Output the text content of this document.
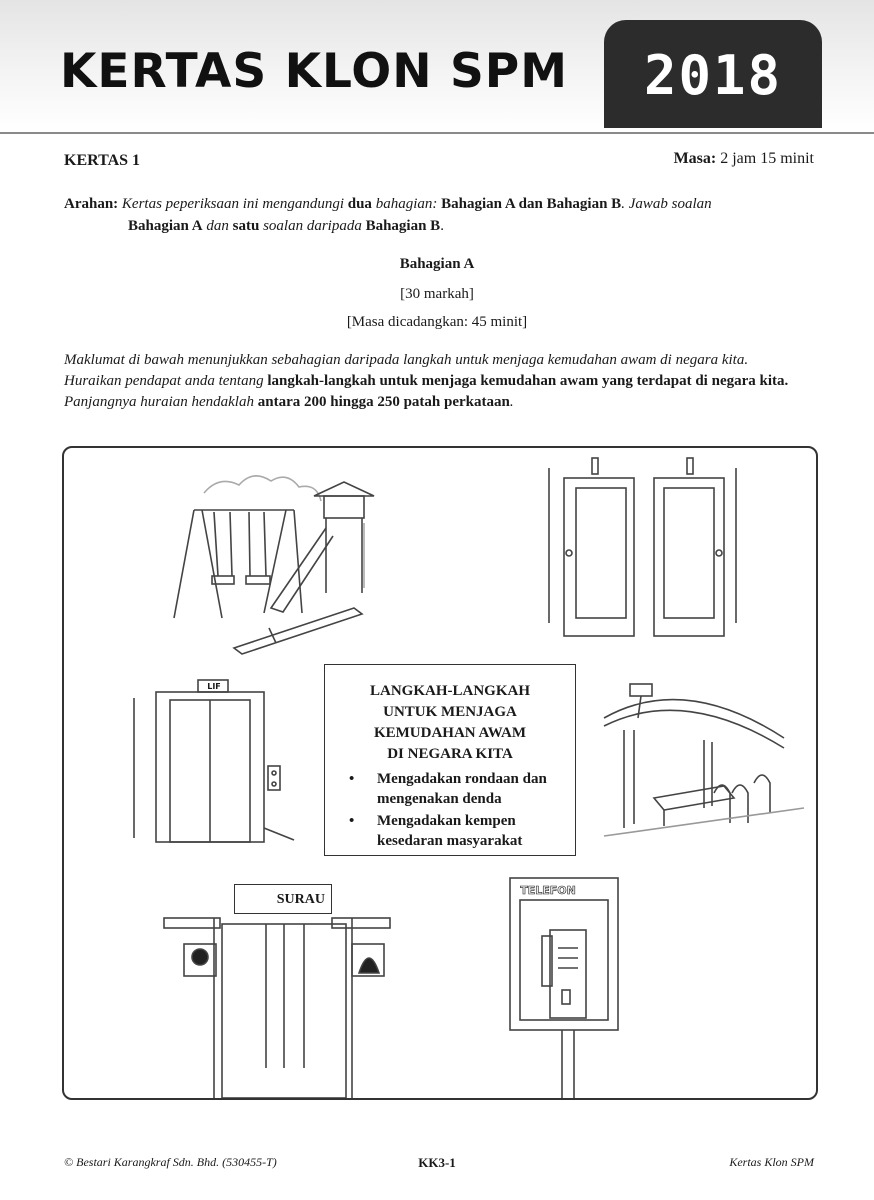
KERTAS KLON SPM	2018
KERTAS 1	Masa: 2 jam 15 minit
Arahan: Kertas peperiksaan ini mengandungi dua bahagian: Bahagian A dan Bahagian B. Jawab soalan
Bahagian A dan satu soalan daripada Bahagian B.
Bahagian A
[30 markah]
[Masa dicadangkan: 45 minit]
Maklumat di bawah menunjukkan sebahagian daripada langkah untuk menjaga kemudahan awam di negara kita.
Huraikan pendapat anda tentang langkah-langkah untuk menjaga kemudahan awam yang terdapat di negara kita.
Panjangnya huraian hendaklah antara 200 hingga 250 patah perkataan.
LIF
SURAU
TELEFON
LANGKAH-LANGKAH
UNTUK MENJAGA
KEMUDAHAN AWAM
DI NEGARA KITA
• Mengadakan rondaan dan mengenakan denda
• Mengadakan kempen kesedaran masyarakat
© Bestari Karangkraf Sdn. Bhd. (530455-T)	KK3-1	Kertas Klon SPM
